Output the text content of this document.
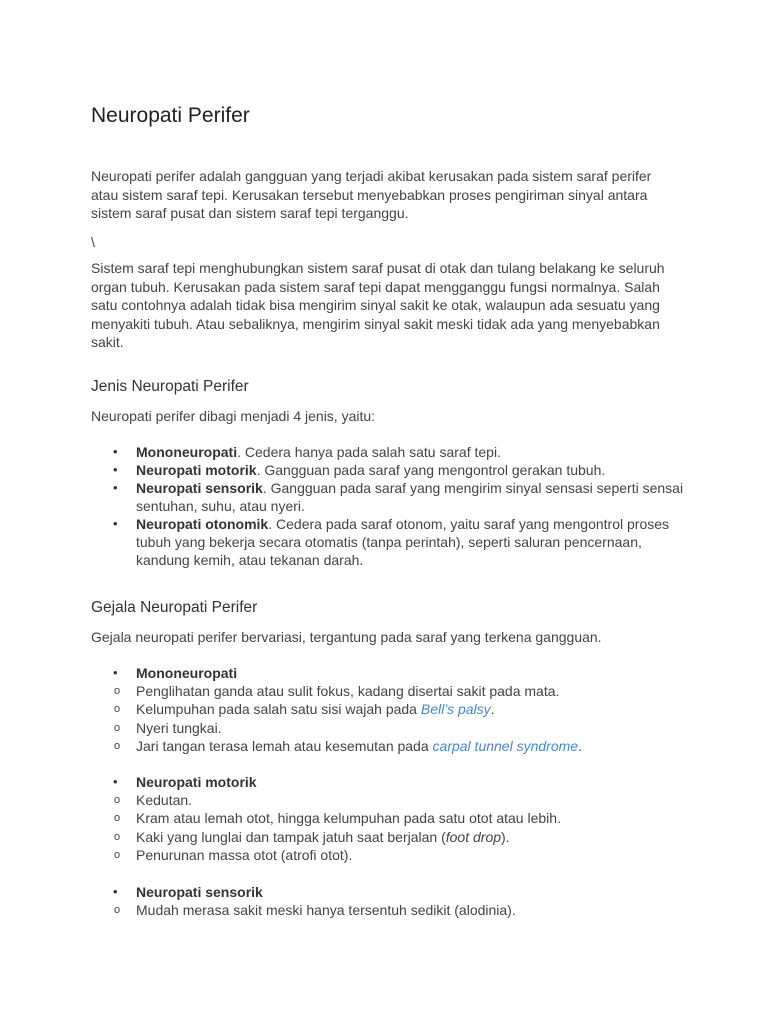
Neuropati Perifer

Neuropati perifer adalah gangguan yang terjadi akibat kerusakan pada sistem saraf perifer atau sistem saraf tepi. Kerusakan tersebut menyebabkan proses pengiriman sinyal antara sistem saraf pusat dan sistem saraf tepi terganggu.

\

Sistem saraf tepi menghubungkan sistem saraf pusat di otak dan tulang belakang ke seluruh organ tubuh. Kerusakan pada sistem saraf tepi dapat mengganggu fungsi normalnya. Salah satu contohnya adalah tidak bisa mengirim sinyal sakit ke otak, walaupun ada sesuatu yang menyakiti tubuh. Atau sebaliknya, mengirim sinyal sakit meski tidak ada yang menyebabkan sakit.

Jenis Neuropati Perifer

Neuropati perifer dibagi menjadi 4 jenis, yaitu:

• Mononeuropati. Cedera hanya pada salah satu saraf tepi.
• Neuropati motorik. Gangguan pada saraf yang mengontrol gerakan tubuh.
• Neuropati sensorik. Gangguan pada saraf yang mengirim sinyal sensasi seperti sensai sentuhan, suhu, atau nyeri.
• Neuropati otonomik. Cedera pada saraf otonom, yaitu saraf yang mengontrol proses tubuh yang bekerja secara otomatis (tanpa perintah), seperti saluran pencernaan, kandung kemih, atau tekanan darah.
Gejala Neuropati Perifer

Gejala neuropati perifer bervariasi, tergantung pada saraf yang terkena gangguan.

• Mononeuropati
o Penglihatan ganda atau sulit fokus, kadang disertai sakit pada mata.
o Kelumpuhan pada salah satu sisi wajah pada Bell’s palsy.
o Nyeri tungkai.
o Jari tangan terasa lemah atau kesemutan pada carpal tunnel syndrome.
• Neuropati motorik
o Kedutan.
o Kram atau lemah otot, hingga kelumpuhan pada satu otot atau lebih.
o Kaki yang lunglai dan tampak jatuh saat berjalan (foot drop).
o Penurunan massa otot (atrofi otot).
• Neuropati sensorik
o Mudah merasa sakit meski hanya tersentuh sedikit (alodinia).
